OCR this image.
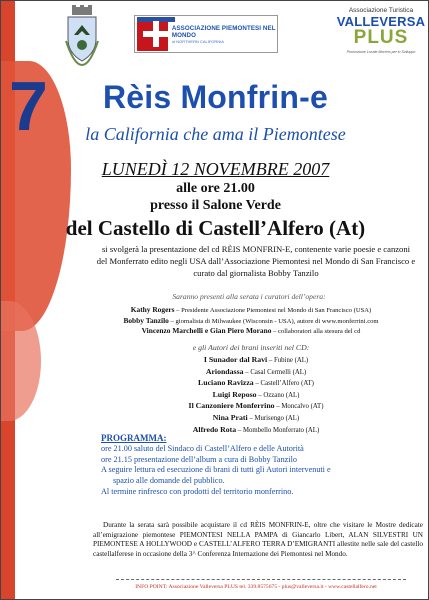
7
ASSOCIAZIONE PIEMONTESI NEL MONDO
of NORTHERN CALIFORNIA
Associazione Turistica
VALLEVERSA
PLUS
Promozione Locale Moreno per lo Sviluppo
Rèis Monfrin-e
la California che ama il Piemontese
LUNEDÌ 12 NOVEMBRE 2007
alle ore 21.00
presso il Salone Verde
del Castello di Castell’Alfero (At)
si svolgerà la presentazione del cd RÈIS MONFRIN-E, contenente varie poesie e canzoni del Monferrato edito negli USA dall’Associazione Piemontesi nel Mondo di San Francisco e curato dal giornalista Bobby Tanzilo
Saranno presenti alla serata i curatori dell’opera:
Kathy Rogers – Presidente Associazione Piemontesi nel Mondo di San Francisco (USA)
Bobby Tanzilo – giornalista di Milwaukee (Wisconsin - USA), autore di www.monferrini.com
Vincenzo Marchelli e Gian Piero Morano – collaboratori alla stesura del cd
e gli Autori dei brani inseriti nel CD:
I Sunador dal Ravi – Fubine (AL)
Ariondassa – Casal Cermelli (AL)
Luciano Ravizza – Castell’Alfero (AT)
Luigi Reposo – Ozzano (AL)
Il Canzoniere Monferrino – Moncalvo (AT)
Nina Prati – Murisengo (AL)
Alfredo Rota – Mombello Monferrato (AL)
PROGRAMMA:
ore 21.00 saluto del Sindaco di Castell’Alfero e delle Autorità
ore 21.15 presentazione dell’album a cura di Bobby Tanzilo
A seguire lettura ed esecuzione di brani di tutti gli Autori intervenuti e
spazio alle domande del pubblico.
Al termine rinfresco con prodotti del territorio monferrino.
Durante la serata sarà possibile acquistare il cd RÈIS MONFRIN-E, oltre che visitare le Mostre dedicate all’emigrazione piemontese PIEMONTESI NELLA PAMPA di Giancarlo Libert, ALAN SILVESTRI UN PIEMONTESE A HOLLYWOOD e CASTELL’ALFERO TERRA D’EMIGRANTI allestite nelle sale del castello castellalferese in occasione della 3^ Conferenza Internazione dei Piemontesi nel Mondo.
INFO POINT: Associazione Valleversa PLUS tel. 339.8575675 - plus@valleversa.it - www.castellalfero.net
